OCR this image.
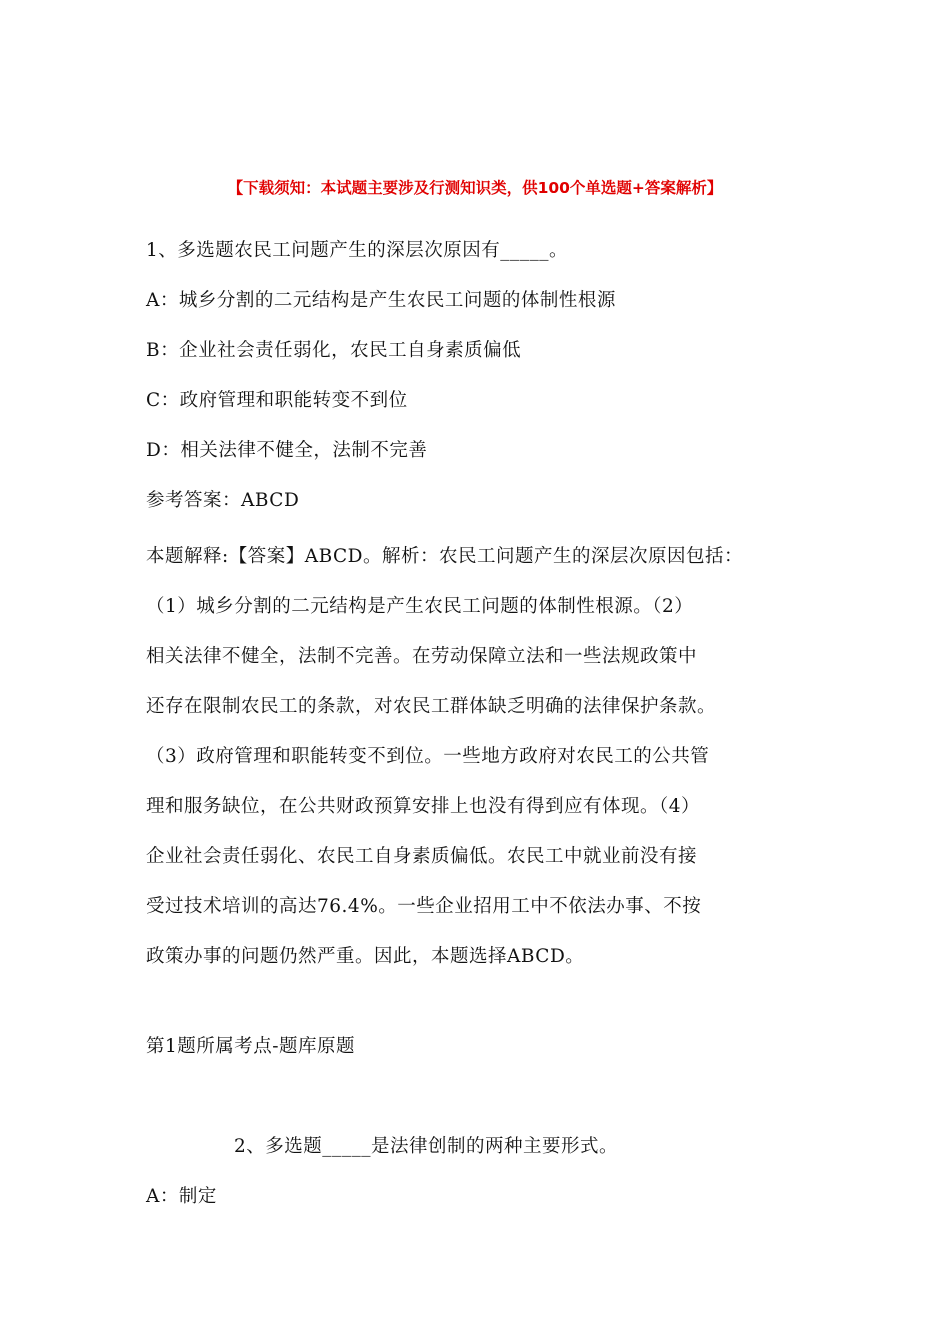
【下载须知：本试题主要涉及行测知识类，供100个单选题+答案解析】
1、多选题农民工问题产生的深层次原因有_____。
A：城乡分割的二元结构是产生农民工问题的体制性根源
B：企业社会责任弱化，农民工自身素质偏低
C：政府管理和职能转变不到位
D：相关法律不健全，法制不完善
参考答案：ABCD
本题解释:【答案】ABCD。解析：农民工问题产生的深层次原因包括：
（1）城乡分割的二元结构是产生农民工问题的体制性根源。（2）
相关法律不健全，法制不完善。在劳动保障立法和一些法规政策中
还存在限制农民工的条款，对农民工群体缺乏明确的法律保护条款。
（3）政府管理和职能转变不到位。一些地方政府对农民工的公共管
理和服务缺位，在公共财政预算安排上也没有得到应有体现。（4）
企业社会责任弱化、农民工自身素质偏低。农民工中就业前没有接
受过技术培训的高达76.4%。一些企业招用工中不依法办事、不按
政策办事的问题仍然严重。因此，本题选择ABCD。
第1题所属考点-题库原题
2、多选题_____是法律创制的两种主要形式。
A：制定
